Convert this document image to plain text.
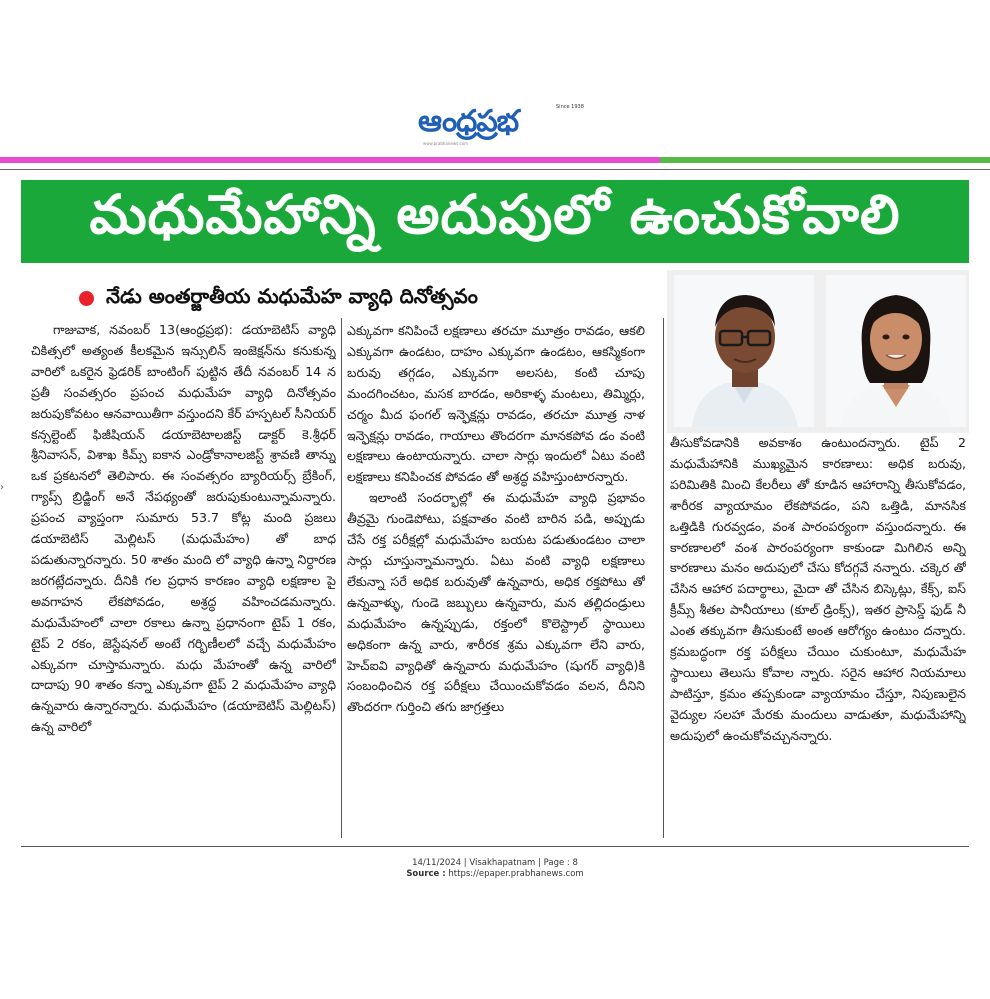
ఆంధ్రప్రభ	Since 1938
www.prabhanews.com
మధుమేహాన్ని అదుపులో ఉంచుకోవాలి
నేడు అంతర్జాతీయ మధుమేహ వ్యాధి దినోత్సవం
›

గాజువాక, నవంబర్ 13(ఆంధ్రప్రభ): డయాబెటిస్ వ్యాధి చికిత్సలో అత్యంత కీలకమైన ఇన్సులిన్ ఇంజెక్షన్‌ను కనుకున్న వారిలో ఒకరైన ఫ్రెడరిక్ బాంటింగ్ పుట్టిన తేదీ నవంబర్ 14 న ప్రతీ సంవత్సరం ప్రపంచ మధుమేహ వ్యాధి దినోత్సవం జరుపుకోవటం ఆనవాయితీగా వస్తుందని కేర్ హస్పటల్ సీనియర్ కన్సల్టెంట్ ఫిజీషియన్ డయాబెటాలజిస్ట్ డాక్టర్ కె.శ్రీధర్ శ్రీనివాసన్, విశాఖ కిమ్స్ ఐకాన ఎండ్రోకానాలజిస్ట్ శ్రావణి తాన్ను ఒక ప్రకటనలో తెలిపారు. ఈ సంవత్సరం బ్యారియర్స్ బ్రేకింగ్, గ్యాప్స్ బ్రిడ్జింగ్ అనే నేపథ్యంతో జరుపుకుంటున్నామన్నారు. ప్రపంచ వ్యాప్తంగా సుమారు 53.7 కోట్ల మంది ప్రజలు డయాబెటిస్ మెల్లిటస్ (మధుమేహం) తో బాధ పడుతున్నారన్నారు. 50 శాతం మంది లో వ్యాధి ఉన్నా నిర్ధారణ జరగట్లేదన్నారు. దీనికి గల ప్రధాన కారణం వ్యాధి లక్షణాల పై అవగాహన లేకపోవడం, అశ్రద్ధ వహించడమన్నారు. మధుమేహంలో చాలా రకాలు ఉన్నా ప్రధానంగా టైప్ 1 రకం, టైప్ 2 రకం, జెస్టేషనల్ అంటే గర్భిణీలలో వచ్చే మధుమేహం ఎక్కువగా చూస్తామన్నారు. మధు మేహంతో ఉన్న వారిలో దాదాపు 90 శాతం కన్నా ఎక్కువగా టైప్ 2 మధుమేహం వ్యాధి ఉన్నవారు ఉన్నారన్నారు. మధుమేహం (డయాబెటిస్ మెల్లిటస్) ఉన్న వారిలో

ఎక్కువగా కనిపించే లక్షణాలు తరచూ మూత్రం రావడం, ఆకలి ఎక్కువగా ఉండటం, దాహం ఎక్కువగా ఉండటం, ఆకస్మికంగా బరువు తగ్గడం, ఎక్కువగా అలసట, కంటి చూపు మందగించటం, మసక బారడం, అరికాళ్ళ మంటలు, తిమ్మిర్లు, చర్మం మీద ఫంగల్ ఇన్ఫెక్షన్లు రావడం, తరచూ మూత్ర నాళ ఇన్ఫెక్షన్లు రావడం, గాయాలు తొందరగా మానకపోవ డం వంటి లక్షణాలు ఉంటాయన్నారు. చాలా సార్లు ఇందులో ఏటు వంటి లక్షణాలు కనిపించక పోవడం తో అశ్రద్ధ వహిస్తుంటారన్నారు.

ఇలాంటి సందర్భాల్లో ఈ మధుమేహ వ్యాధి ప్రభావం తీవ్రమై గుండెపోటు, పక్షవాతం వంటి బారిన పడి, అప్పుడు చేసే రక్త పరీక్షల్లో మధుమేహం బయట పడుతుండటం చాలా సార్లు చూస్తున్నామన్నారు. ఏటు వంటి వ్యాధి లక్షణాలు లేకున్నా సరే అధిక బరువుతో ఉన్నవారు, అధిక రక్తపోటు తో ఉన్నవాళ్ళు, గుండె జబ్బులు ఉన్నవారు, మన తల్లిదండ్రులు మధుమేహం ఉన్నప్పుడు, రక్తంలో కొలెస్ట్రాల్ స్థాయిలు అధికంగా ఉన్న వారు, శారీరక శ్రమ ఎక్కువగా లేని వారు, హెచ్ఐవి వ్యాధితో ఉన్నవారు మధుమేహం (షుగర్ వ్యాధి)కి సంబంధించిన రక్త పరీక్షలు చేయించుకోవడం వలన, దీనిని తొందరగా గుర్తించి తగు జాగ్రత్తలు

తీసుకోవడానికి అవకాశం ఉంటుందన్నారు. టైప్ 2 మధుమేహానికి ముఖ్యమైన కారణాలు: అధిక బరువు, పరిమితికి మించి కేలరీలు తో కూడిన ఆహారాన్ని తీసుకోవడం, శారీరక వ్యాయామం లేకపోవడం, పని ఒత్తిడి, మానసిక ఒత్తిడికి గురవ్వడం, వంశ పారంపర్యంగా వస్తుందన్నారు. ఈ కారణాలలో వంశ పారంపర్యంగా కాకుండా మిగిలిన అన్ని కారణాలు మనం అదుపులో చేసు కోదగ్గవే నన్నారు. చక్కెర తో చేసిన ఆహార పదార్థాలు, మైదా తో చేసిన బిస్కెట్లు, కేక్స్, ఐస్ క్రీమ్స్ శీతల పానీయాలు (కూల్ డ్రింక్స్), ఇతర ప్రాసెస్డ్ ఫుడ్ నీ ఎంత తక్కువగా తీసుకుంటే అంత ఆరోగ్యం ఉంటుం దన్నారు. క్రమబద్ధంగా రక్త పరీక్షలు చేయిం చుకుంటూ, మధుమేహ స్థాయిలు తెలుసు కోవాల న్నారు. సరైన ఆహార నియమాలు పాటిస్తూ, క్రమం తప్పకుండా వ్యాయామం చేస్తూ, నిపుణులైన వైద్యుల సలహా మేరకు మందులు వాడుతూ, మధుమేహాన్ని అదుపులో ఉంచుకోవచ్చునన్నారు.

14/11/2024 | Visakhapatnam | Page : 8
Source : https://epaper.prabhanews.com
